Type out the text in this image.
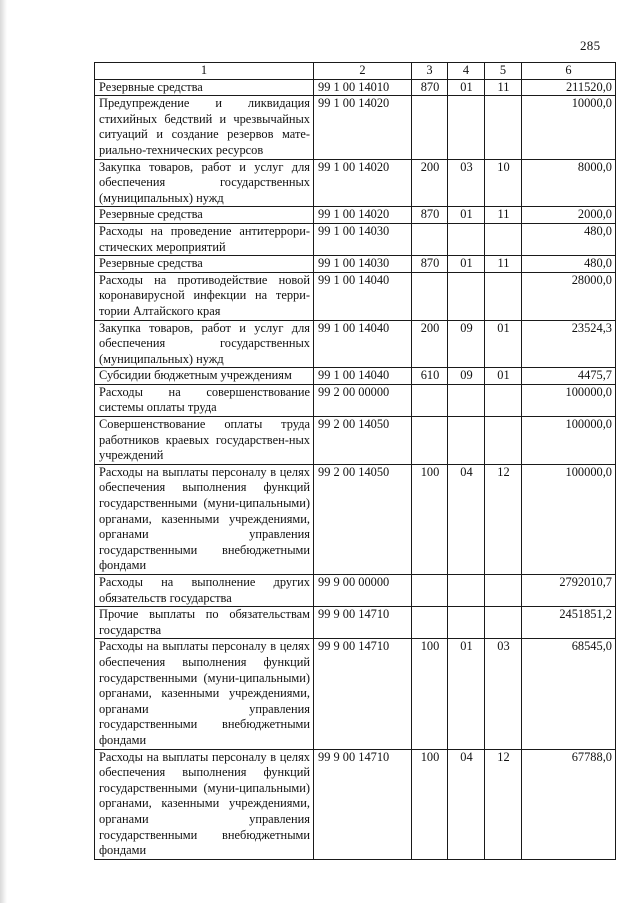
285
1	2	3	4	5	6
Резервные средства	99 1 00 14010	870	01	11	211520,0
Предупреждение и ликвидация стихийных бедствий и чрезвычайных ситуаций и создание резервов мате-риально-технических ресурсов	99 1 00 14020				10000,0
Закупка товаров, работ и услуг для обеспечения государственных (муниципальных) нужд	99 1 00 14020	200	03	10	8000,0
Резервные средства	99 1 00 14020	870	01	11	2000,0
Расходы на проведение антитеррори-стических мероприятий	99 1 00 14030				480,0
Резервные средства	99 1 00 14030	870	01	11	480,0
Расходы на противодействие новой коронавирусной инфекции на терри-тории Алтайского края	99 1 00 14040				28000,0
Закупка товаров, работ и услуг для обеспечения государственных (муниципальных) нужд	99 1 00 14040	200	09	01	23524,3
Субсидии бюджетным учреждениям	99 1 00 14040	610	09	01	4475,7
Расходы на совершенствование системы оплаты труда	99 2 00 00000				100000,0
Совершенствование оплаты труда работников краевых государствен-ных учреждений	99 2 00 14050				100000,0
Расходы на выплаты персоналу в целях обеспечения выполнения функций государственными (муни-ципальными) органами, казенными учреждениями, органами управления государственными внебюджетными фондами	99 2 00 14050	100	04	12	100000,0
Расходы на выполнение других обязательств государства	99 9 00 00000				2792010,7
Прочие выплаты по обязательствам государства	99 9 00 14710				2451851,2
Расходы на выплаты персоналу в целях обеспечения выполнения функций государственными (муни-ципальными) органами, казенными учреждениями, органами управления государственными внебюджетными фондами	99 9 00 14710	100	01	03	68545,0
Расходы на выплаты персоналу в целях обеспечения выполнения функций государственными (муни-ципальными) органами, казенными учреждениями, органами управления государственными внебюджетными фондами	99 9 00 14710	100	04	12	67788,0
